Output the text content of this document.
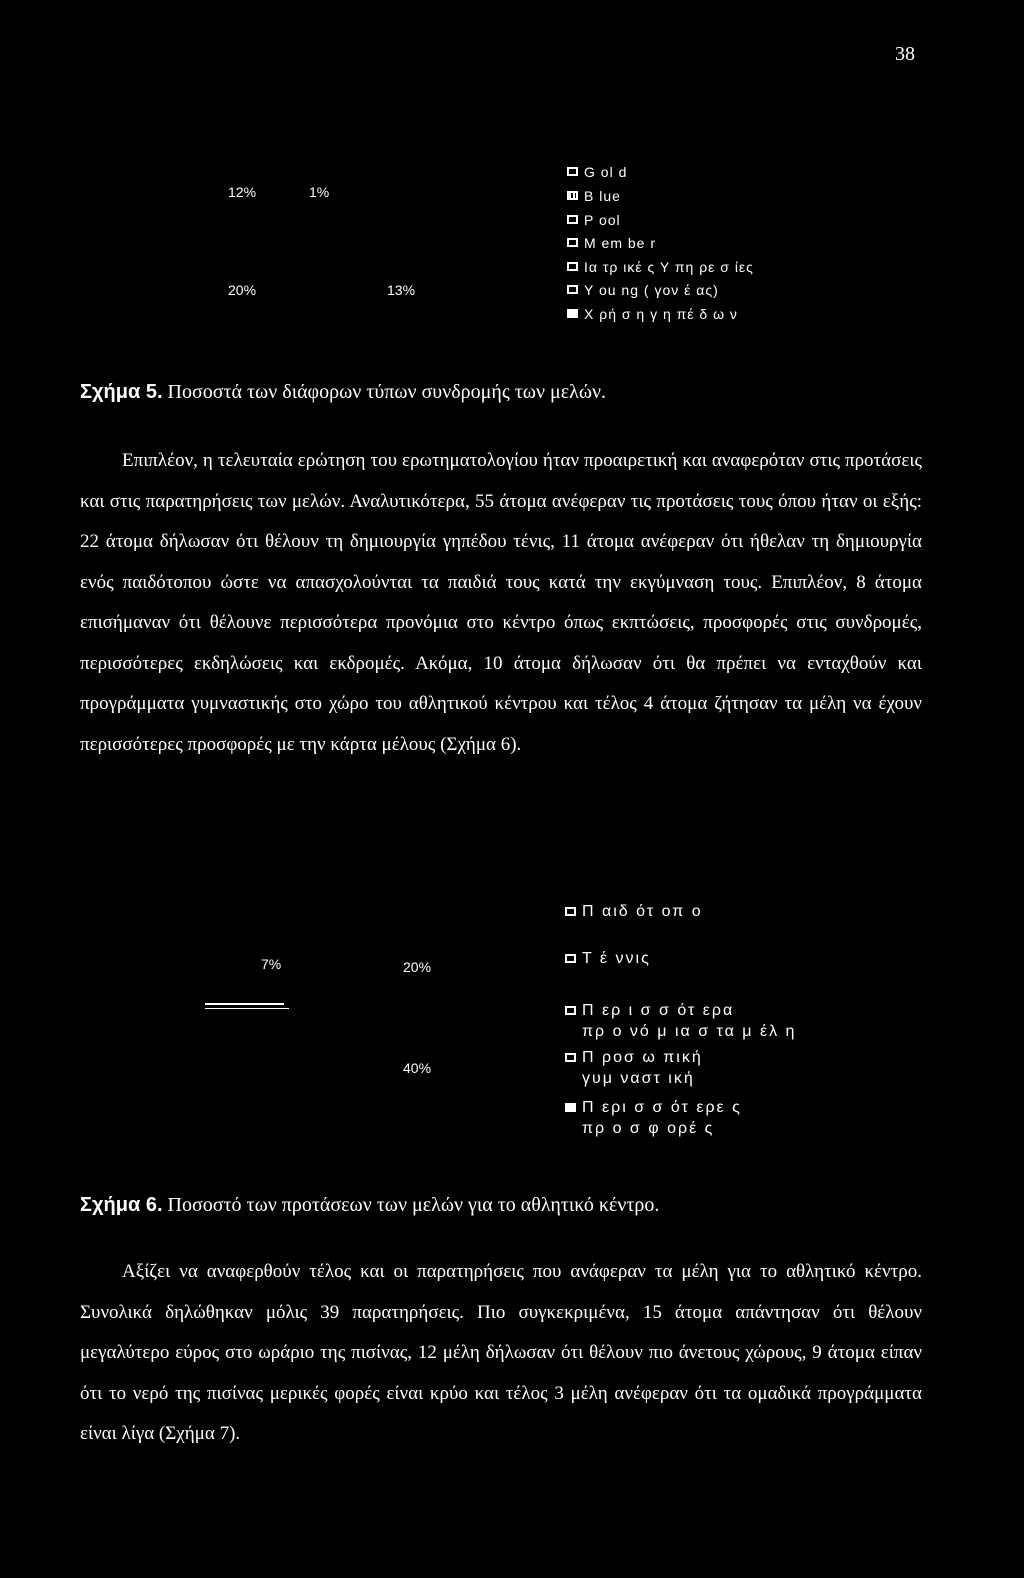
38
12%	1%
20%	13%
G ol d
B lue
P ool
M em be r
Ια τρ ικέ ς Υ πη ρε σ ίες
Y ou ng ( γον έ ας)
Χ ρή σ η γ η πέ δ ω ν
Σχήμα 5. Ποσοστά των διάφορων τύπων συνδρομής των μελών.
Επιπλέον, η τελευταία ερώτηση του ερωτηματολογίου ήταν προαιρετική και αναφερόταν στις προτάσεις και στις παρατηρήσεις των μελών. Αναλυτικότερα, 55 άτομα ανέφεραν τις προτάσεις τους όπου ήταν οι εξής: 22 άτομα δήλωσαν ότι θέλουν τη δημιουργία γηπέδου τένις, 11 άτομα ανέφεραν ότι ήθελαν τη δημιουργία ενός παιδότοπου ώστε να απασχολούνται τα παιδιά τους κατά την εκγύμναση τους. Επιπλέον, 8 άτομα επισήμαναν ότι θέλουνε περισσότερα προνόμια στο κέντρο όπως εκπτώσεις, προσφορές στις συνδρομές, περισσότερες εκδηλώσεις και εκδρομές. Ακόμα, 10 άτομα δήλωσαν ότι θα πρέπει να ενταχθούν και προγράμματα γυμναστικής στο χώρο του αθλητικού κέντρου και τέλος 4 άτομα ζήτησαν τα μέλη να έχουν περισσότερες προσφορές με την κάρτα μέλους (Σχήμα 6).
7%	20%
40%
Π αιδ ότ οπ ο
Τ έ ννις
Π ερ ι σ σ ότ ερα
πρ ο νό μ ια σ τα μ έλ η
Π ροσ ω πική
γυμ ναστ ική
Π ερι σ σ ότ ερε ς
πρ ο σ φ ορέ ς
Σχήμα 6. Ποσοστό των προτάσεων των μελών για το αθλητικό κέντρο.
Αξίζει να αναφερθούν τέλος και οι παρατηρήσεις που ανάφεραν τα μέλη για το αθλητικό κέντρο. Συνολικά δηλώθηκαν μόλις 39 παρατηρήσεις. Πιο συγκεκριμένα, 15 άτομα απάντησαν ότι θέλουν μεγαλύτερο εύρος στο ωράριο της πισίνας, 12 μέλη δήλωσαν ότι θέλουν πιο άνετους χώρους, 9 άτομα είπαν ότι το νερό της πισίνας μερικές φορές είναι κρύο και τέλος 3 μέλη ανέφεραν ότι τα ομαδικά προγράμματα είναι λίγα (Σχήμα 7).
